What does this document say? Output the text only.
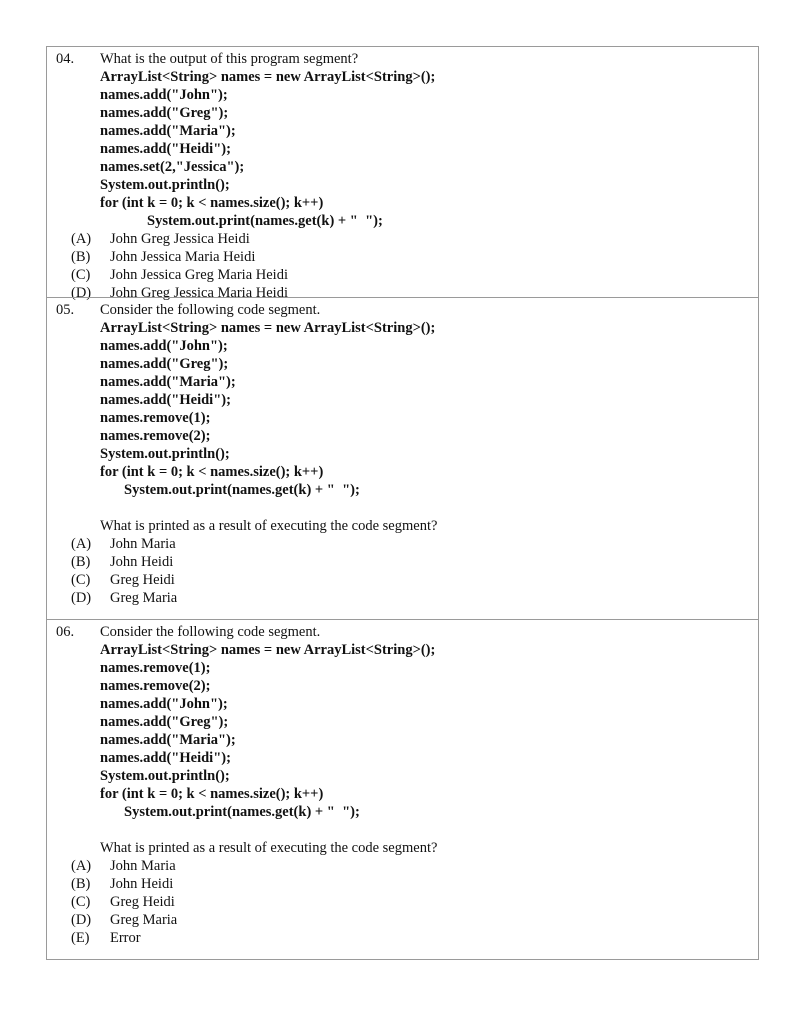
04. What is the output of this program segment?
ArrayList<String> names = new ArrayList<String>();
names.add("John");
names.add("Greg");
names.add("Maria");
names.add("Heidi");
names.set(2,"Jessica");
System.out.println();
for (int k = 0; k < names.size(); k++)
System.out.print(names.get(k) + "  ");
(A)	John Greg Jessica Heidi
(B)	John Jessica Maria Heidi
(C)	John Jessica Greg Maria Heidi
(D)	John Greg Jessica Maria Heidi
05. Consider the following code segment.
ArrayList<String> names = new ArrayList<String>();
names.add("John");
names.add("Greg");
names.add("Maria");
names.add("Heidi");
names.remove(1);
names.remove(2);
System.out.println();
for (int k = 0; k < names.size(); k++)
System.out.print(names.get(k) + "  ");
What is printed as a result of executing the code segment?
(A)	John Maria
(B)	John Heidi
(C)	Greg Heidi
(D)	Greg Maria
06. Consider the following code segment.
ArrayList<String> names = new ArrayList<String>();
names.remove(1);
names.remove(2);
names.add("John");
names.add("Greg");
names.add("Maria");
names.add("Heidi");
System.out.println();
for (int k = 0; k < names.size(); k++)
System.out.print(names.get(k) + "  ");
What is printed as a result of executing the code segment?
(A)	John Maria
(B)	John Heidi
(C)	Greg Heidi
(D)	Greg Maria
(E)	Error
